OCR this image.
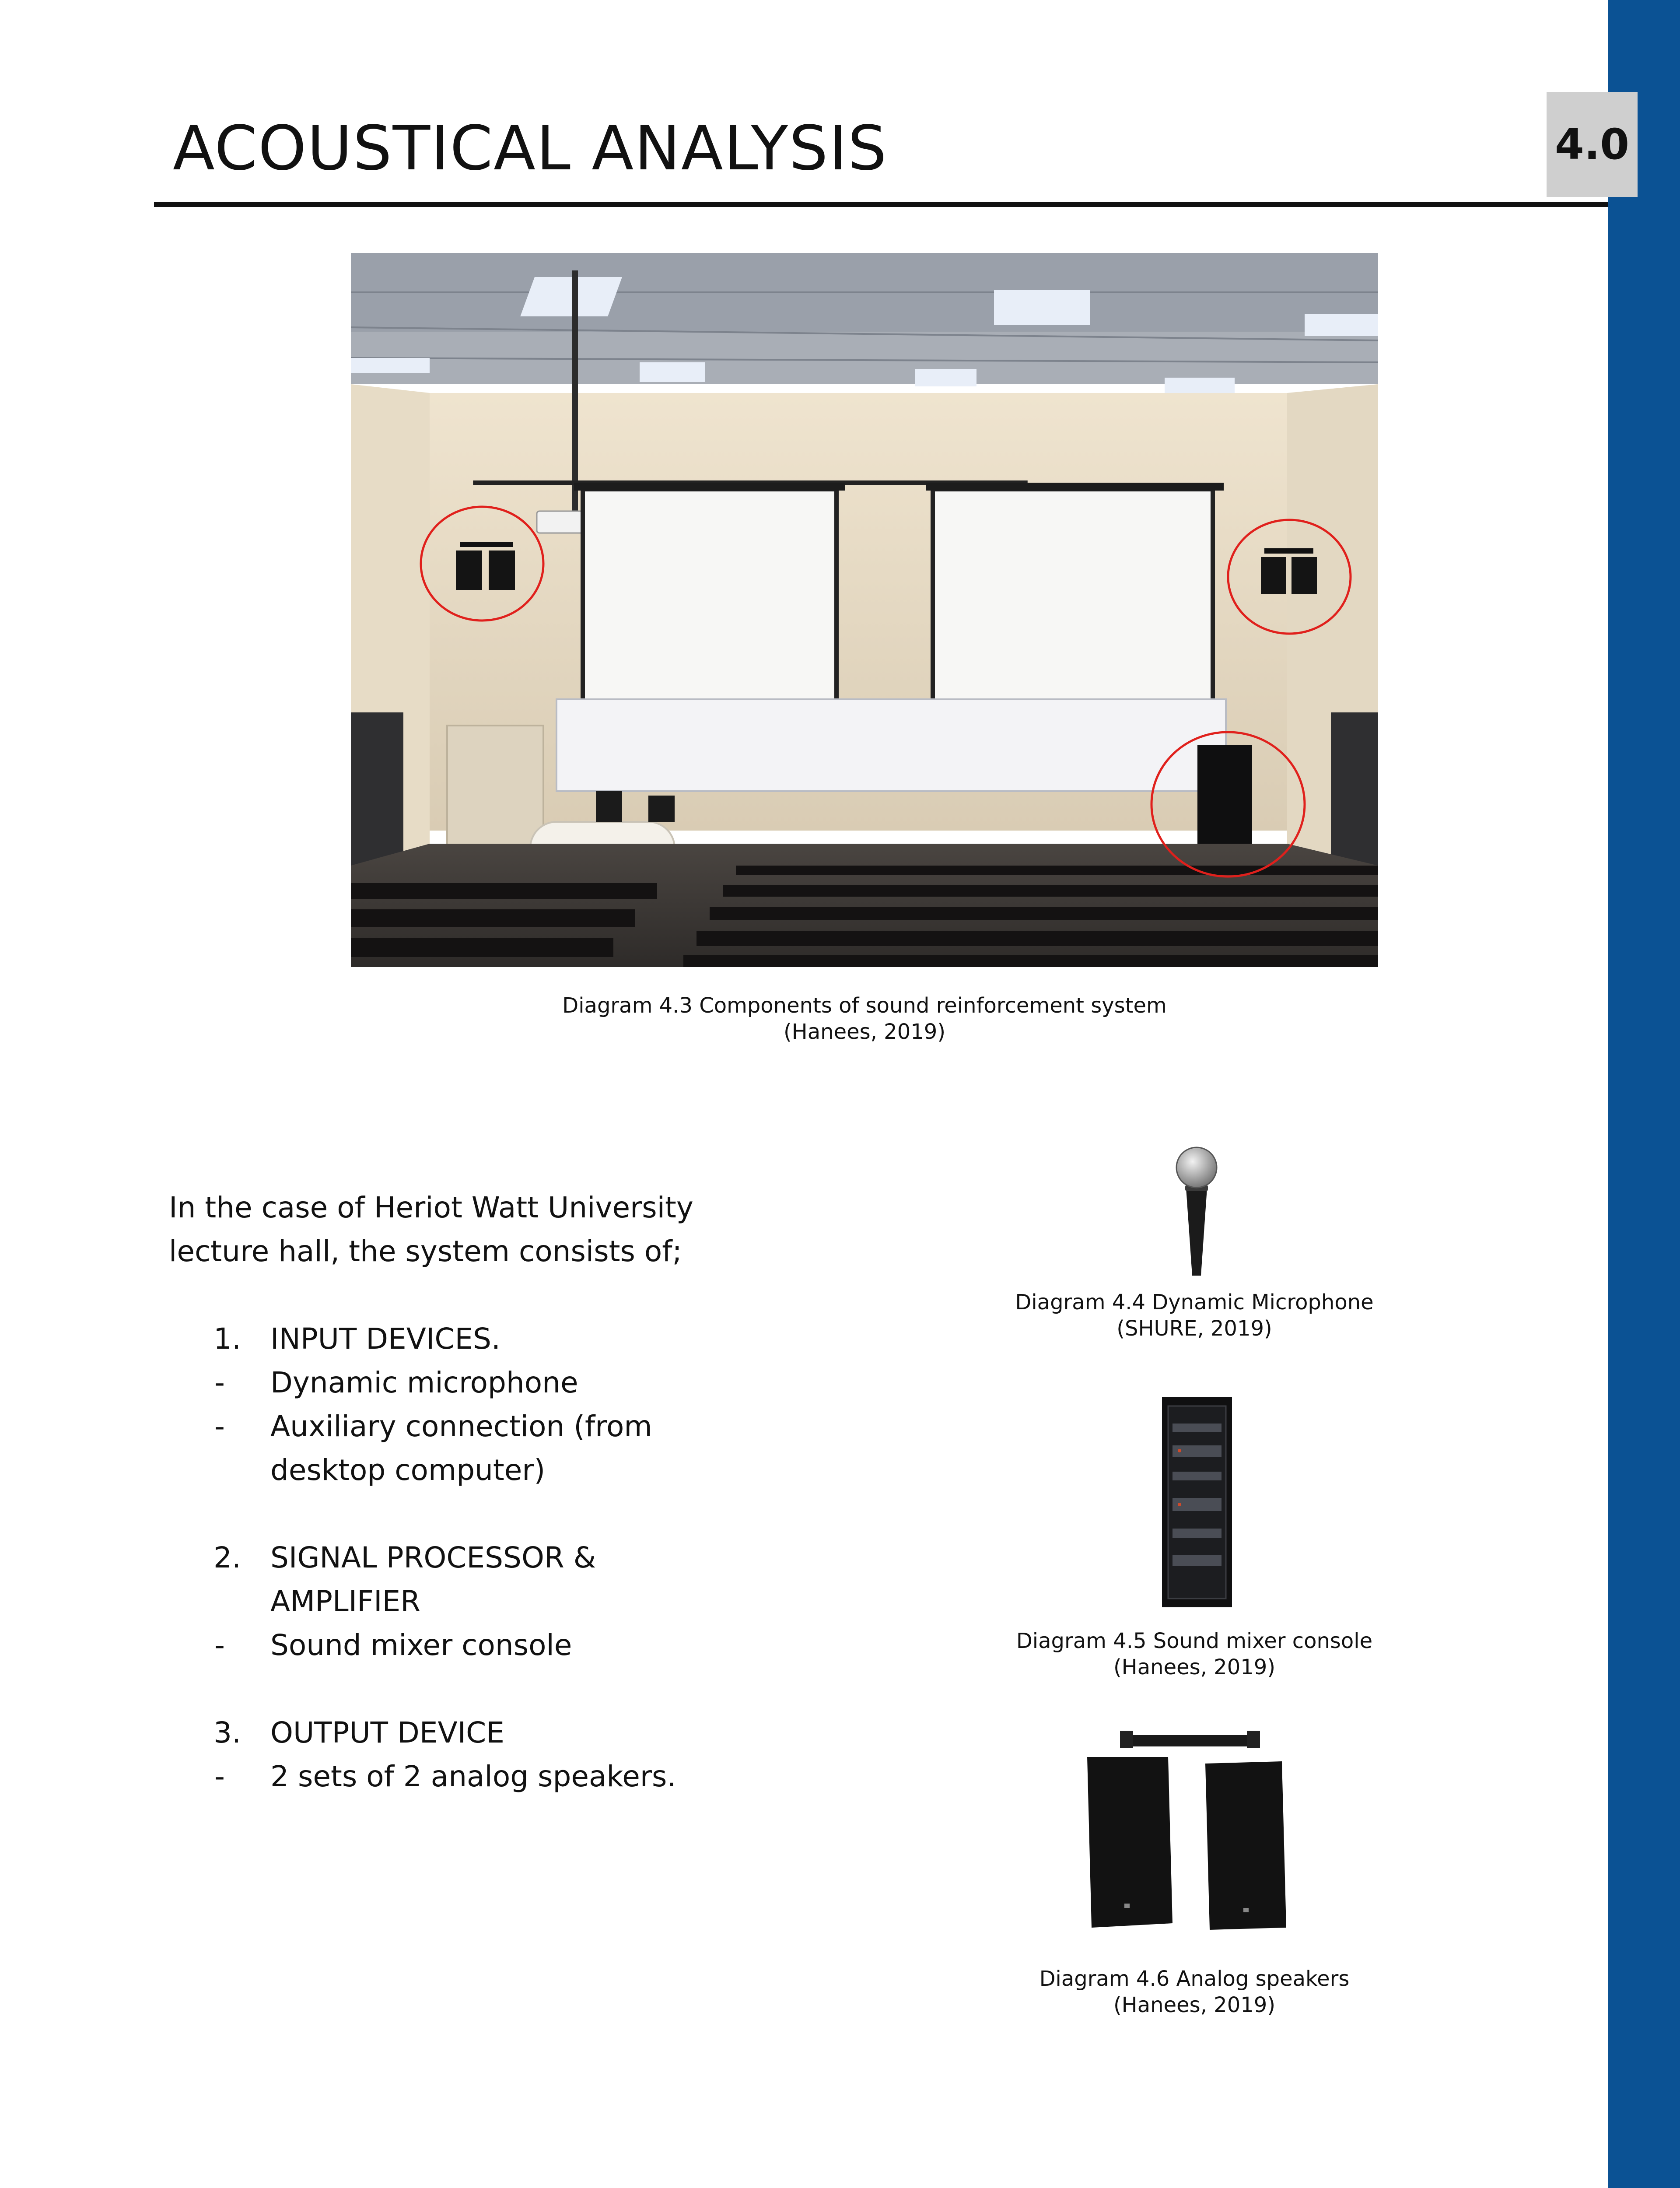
4.0
ACOUSTICAL ANALYSIS
Diagram 4.3 Components of sound reinforcement system
(Hanees, 2019)

In the case of Heriot Watt University lecture hall, the system consists of;

1.	INPUT DEVICES.
-	Dynamic microphone
-	Auxiliary connection (from desktop computer)
2.	SIGNAL PROCESSOR & AMPLIFIER
-	Sound mixer console
3.	OUTPUT DEVICE
-	2 sets of 2 analog speakers.
Diagram 4.4 Dynamic Microphone
(SHURE, 2019)
Diagram 4.5 Sound mixer console
(Hanees, 2019)
Diagram 4.6 Analog speakers
(Hanees, 2019)
